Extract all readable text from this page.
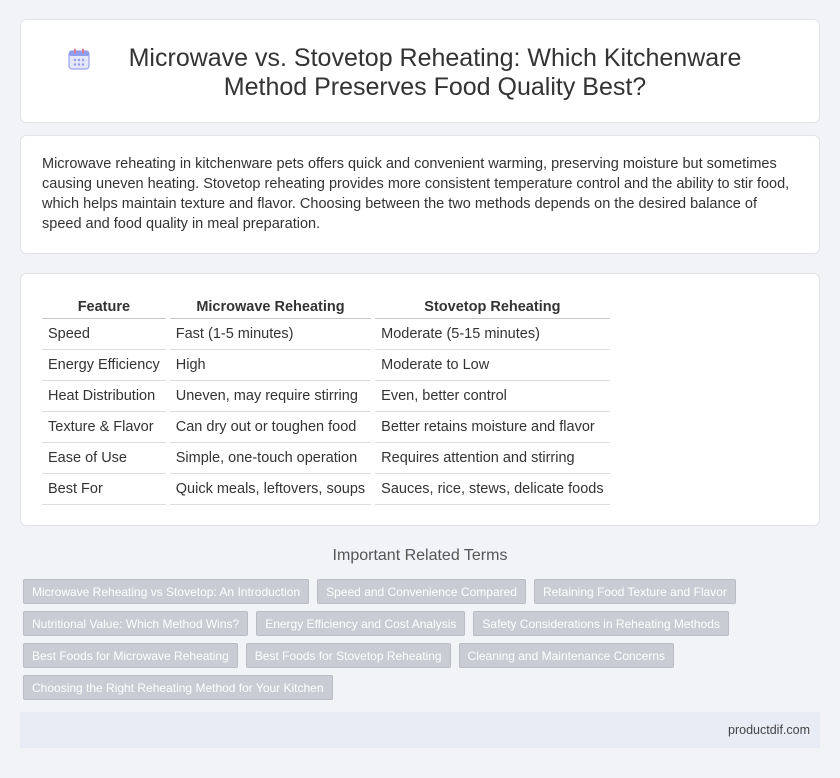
Microwave vs. Stovetop Reheating: Which Kitchenware Method Preserves Food Quality Best?

Microwave reheating in kitchenware pets offers quick and convenient warming, preserving moisture but sometimes causing uneven heating. Stovetop reheating provides more consistent temperature control and the ability to stir food, which helps maintain texture and flavor. Choosing between the two methods depends on the desired balance of speed and food quality in meal preparation.

Feature	Microwave Reheating	Stovetop Reheating
Speed	Fast (1-5 minutes)	Moderate (5-15 minutes)
Energy Efficiency	High	Moderate to Low
Heat Distribution	Uneven, may require stirring	Even, better control
Texture & Flavor	Can dry out or toughen food	Better retains moisture and flavor
Ease of Use	Simple, one-touch operation	Requires attention and stirring
Best For	Quick meals, leftovers, soups	Sauces, rice, stews, delicate foods
Important Related Terms
Microwave Reheating vs Stovetop: An Introduction	Speed and Convenience Compared	Retaining Food Texture and Flavor
Nutritional Value: Which Method Wins?	Energy Efficiency and Cost Analysis	Safety Considerations in Reheating Methods
Best Foods for Microwave Reheating	Best Foods for Stovetop Reheating	Cleaning and Maintenance Concerns
Choosing the Right Reheating Method for Your Kitchen
productdif.com
